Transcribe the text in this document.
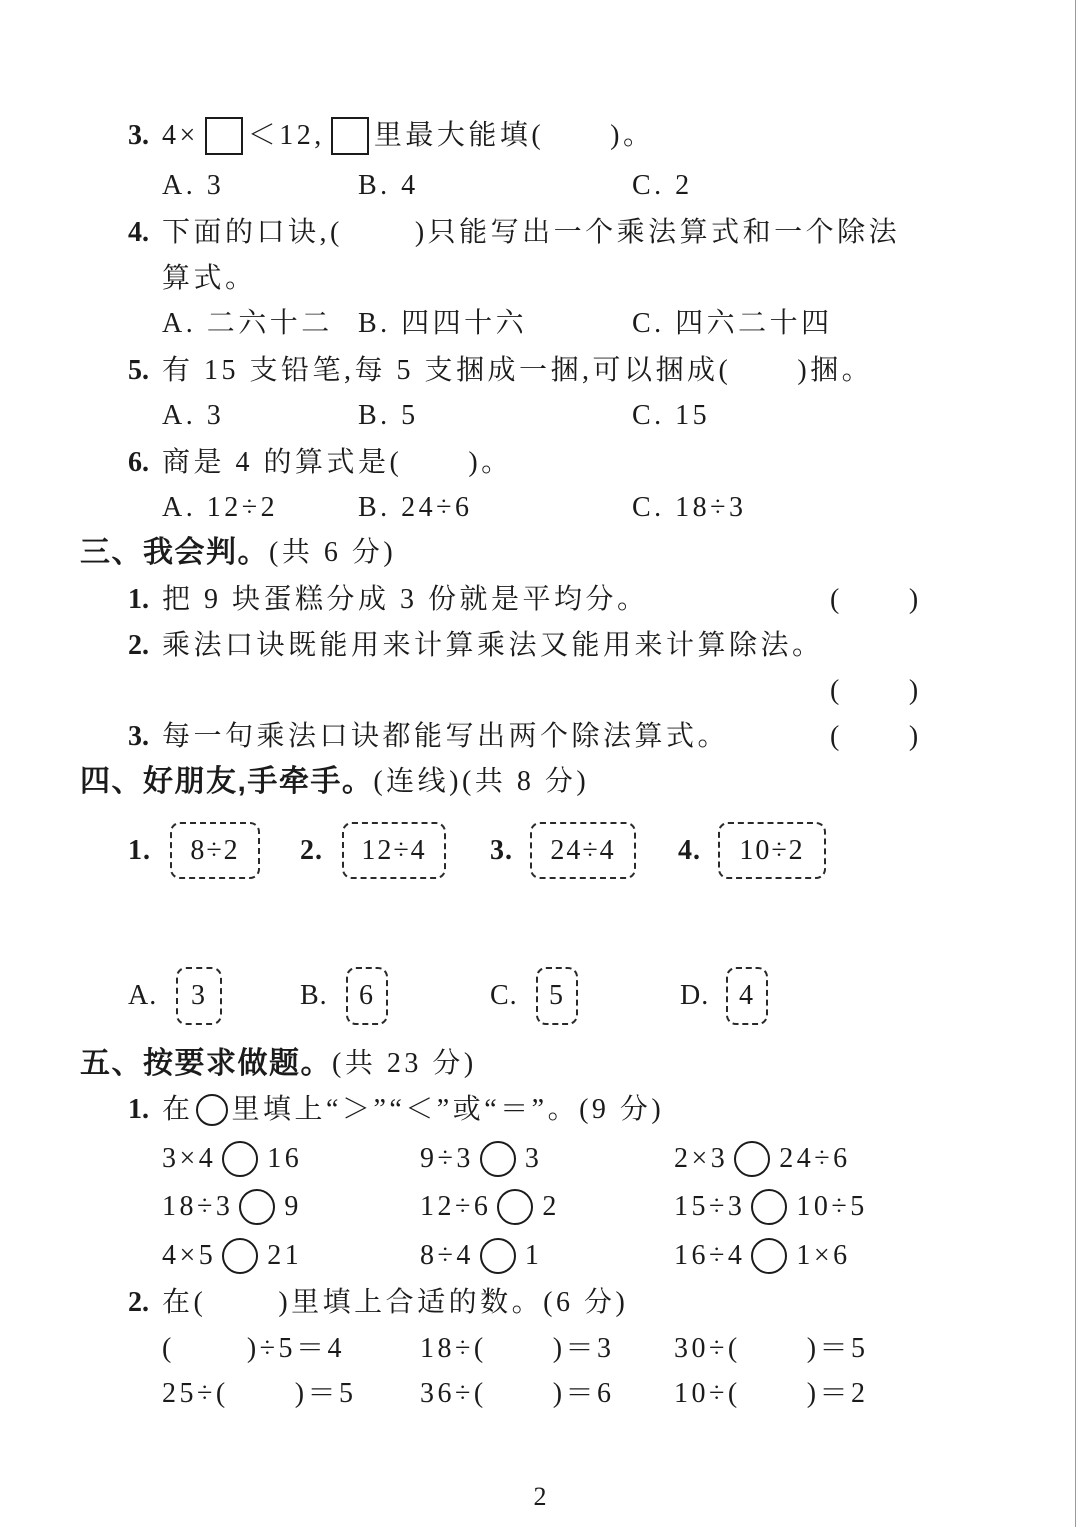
3. 4× ＜12, 里最大能填( )。
A. 3	B. 4	C. 2
4. 下面的口诀,(	)只能写出一个乘法算式和一个除法
算式。
A. 二六十二 B. 四四十六	C. 四六二十四
5. 有 15 支铅笔,每 5 支捆成一捆,可以捆成( )捆。
A. 3	B. 5	C. 15
6. 商是 4 的算式是( )。
A. 12÷2	B. 24÷6	C. 18÷3
三、我会判。 (共 6 分)
1. 把 9 块蛋糕分成 3 份就是平均分。	( )
2. 乘法口诀既能用来计算乘法又能用来计算除法。
( )
3. 每一句乘法口诀都能写出两个除法算式。	( )
四、好朋友,手牵手。 (连线)(共 8 分)
1.	8÷2	2.	12÷4	3.	24÷4	4.	10÷2
A.	3	B.	6	C.	5	D.	4
五、按要求做题。 (共 23 分)
1. 在 里填上“＞”“＜”或“＝”。(9 分)
3×4 16	9÷3 3	2×3 24÷6
18÷3 9	12÷6 2	15÷3 10÷5
4×5 21	8÷4 1	16÷4 1×6
2. 在(	)里填上合适的数。(6 分)
(	)÷5＝4	18÷( )＝3 30÷( )＝5
25÷( )＝5 36÷( )＝6 10÷( )＝2
2
